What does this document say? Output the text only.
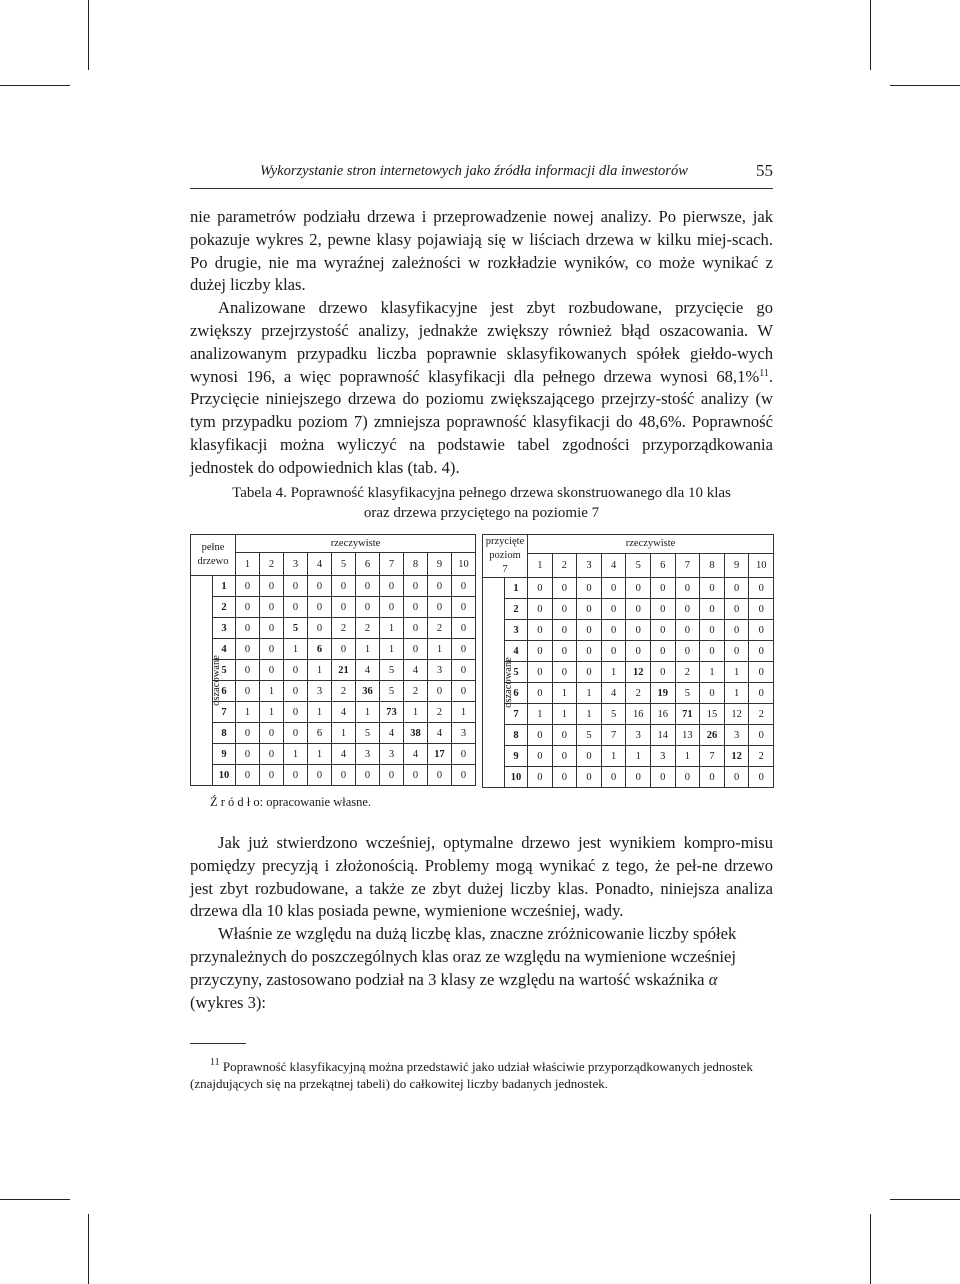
Wykorzystanie stron internetowych jako źródła informacji dla inwestorów	55

nie parametrów podziału drzewa i przeprowadzenie nowej analizy. Po pierwsze, jak pokazuje wykres 2, pewne klasy pojawiają się w liściach drzewa w kilku miej-scach. Po drugie, nie ma wyraźnej zależności w rozkładzie wyników, co może wynikać z dużej liczby klas.

Analizowane drzewo klasyfikacyjne jest zbyt rozbudowane, przycięcie go zwiększy przejrzystość analizy, jednakże zwiększy również błąd oszacowania. W analizowanym przypadku liczba poprawnie sklasyfikowanych spółek giełdo-wych wynosi 196, a więc poprawność klasyfikacji dla pełnego drzewa wynosi 68,1%$^{11}$. Przycięcie niniejszego drzewa do poziomu zwiększającego przejrzy-stość analizy (w tym przypadku poziom 7) zmniejsza poprawność klasyfikacji do 48,6%. Poprawność klasyfikacji można wyliczyć na podstawie tabel zgodności przyporządkowania jednostek do odpowiednich klas (tab. 4).

Tabela 4. Poprawność klasyfikacyjna pełnego drzewa skonstruowanego dla 10 klas
oraz drzewa przyciętego na poziomie 7
pełne
drzewo		rzeczywiste									
		1	2	3	4	5	6	7	8	9	10
oszacowane	1	0	0	0	0	0	0	0	0	0	0
	2	0	0	0	0	0	0	0	0	0	0
	3	0	0	5	0	2	2	1	0	2	0
	4	0	0	1	6	0	1	1	0	1	0
	5	0	0	0	1	21	4	5	4	3	0
	6	0	1	0	3	2	36	5	2	0	0
	7	1	1	0	1	4	1	73	1	2	1
	8	0	0	0	6	1	5	4	38	4	3
	9	0	0	1	1	4	3	3	4	17	0
	10	0	0	0	0	0	0	0	0	0	0
przycięte
poziom
7		rzeczywiste									
		1	2	3	4	5	6	7	8	9	10
oszacowane	1	0	0	0	0	0	0	0	0	0	0
	2	0	0	0	0	0	0	0	0	0	0
	3	0	0	0	0	0	0	0	0	0	0
	4	0	0	0	0	0	0	0	0	0	0
	5	0	0	0	1	12	0	2	1	1	0
	6	0	1	1	4	2	19	5	0	1	0
	7	1	1	1	5	16	16	71	15	12	2
	8	0	0	5	7	3	14	13	26	3	0
	9	0	0	0	1	1	3	1	7	12	2
	10	0	0	0	0	0	0	0	0	0	0
Ź r ó d ł o: opracowanie własne.

Jak już stwierdzono wcześniej, optymalne drzewo jest wynikiem kompro-misu pomiędzy precyzją i złożonością. Problemy mogą wynikać z tego, że peł-ne drzewo jest zbyt rozbudowane, a także ze zbyt dużej liczby klas. Ponadto, niniejsza analiza drzewa dla 10 klas posiada pewne, wymienione wcześniej, wady.

Właśnie ze względu na dużą liczbę klas, znaczne zróżnicowanie liczby spółek przynależnych do poszczególnych klas oraz ze względu na wymienione wcześniej przyczyny, zastosowano podział na 3 klasy ze względu na wartość wskaźnika α (wykres 3):

$^{11}$ Poprawność klasyfikacyjną można przedstawić jako udział właściwie przyporządkowanych jednostek (znajdujących się na przekątnej tabeli) do całkowitej liczby badanych jednostek.
